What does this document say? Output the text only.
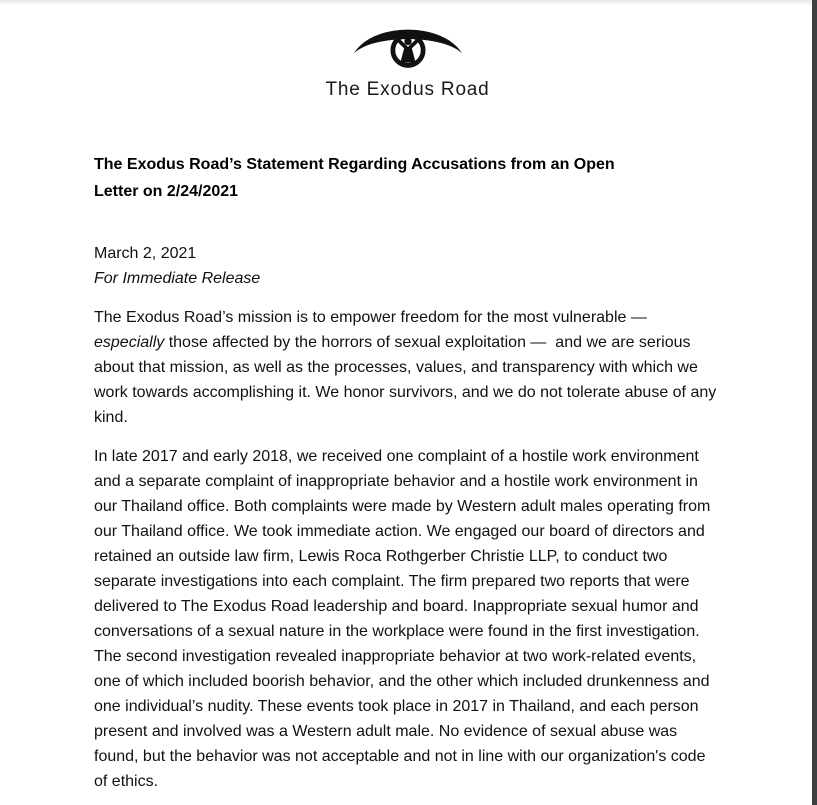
The Exodus Road
The Exodus Road’s Statement Regarding Accusations from an Open
Letter on 2/24/2021
March 2, 2021
For Immediate Release

The Exodus Road’s mission is to empower freedom for the most vulnerable — especially those affected by the horrors of sexual exploitation —  and we are serious about that mission, as well as the processes, values, and transparency with which we work towards accomplishing it. We honor survivors, and we do not tolerate abuse of any kind.

In late 2017 and early 2018, we received one complaint of a hostile work environment and a separate complaint of inappropriate behavior and a hostile work environment in our Thailand office. Both complaints were made by Western adult males operating from our Thailand office. We took immediate action. We engaged our board of directors and retained an outside law firm, Lewis Roca Rothgerber Christie LLP, to conduct two separate investigations into each complaint. The firm prepared two reports that were delivered to The Exodus Road leadership and board. Inappropriate sexual humor and conversations of a sexual nature in the workplace were found in the first investigation. The second investigation revealed inappropriate behavior at two work-related events, one of which included boorish behavior, and the other which included drunkenness and one individual’s nudity. These events took place in 2017 in Thailand, and each person present and involved was a Western adult male. No evidence of sexual abuse was found, but the behavior was not acceptable and not in line with our organization's code of ethics.
